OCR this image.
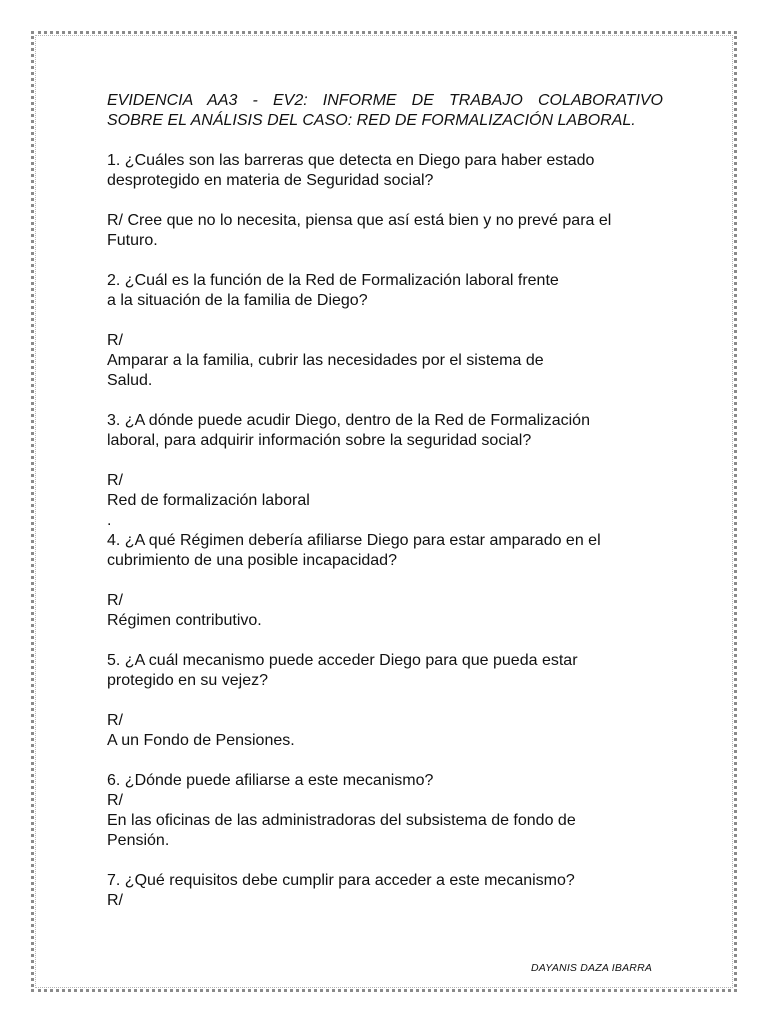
EVIDENCIA AA3 - EV2: INFORME DE TRABAJO COLABORATIVO
SOBRE EL ANÁLISIS DEL CASO: RED DE FORMALIZACIÓN LABORAL.
1. ¿Cuáles son las barreras que detecta en Diego para haber estado
desprotegido en materia de Seguridad social?
R/ Cree que no lo necesita, piensa que así está bien y no prevé para el
Futuro.
2. ¿Cuál es la función de la Red de Formalización laboral frente
a la situación de la familia de Diego?
R/
Amparar a la familia, cubrir las necesidades por el sistema de
Salud.
3. ¿A dónde puede acudir Diego, dentro de la Red de Formalización
laboral, para adquirir información sobre la seguridad social?
R/
Red de formalización laboral
.
4. ¿A qué Régimen debería afiliarse Diego para estar amparado en el
cubrimiento de una posible incapacidad?
R/
Régimen contributivo.
5. ¿A cuál mecanismo puede acceder Diego para que pueda estar
protegido en su vejez?
R/
A un Fondo de Pensiones.
6. ¿Dónde puede afiliarse a este mecanismo?
R/
En las oficinas de las administradoras del subsistema de fondo de
Pensión.
7. ¿Qué requisitos debe cumplir para acceder a este mecanismo?
R/
DAYANIS DAZA IBARRA
